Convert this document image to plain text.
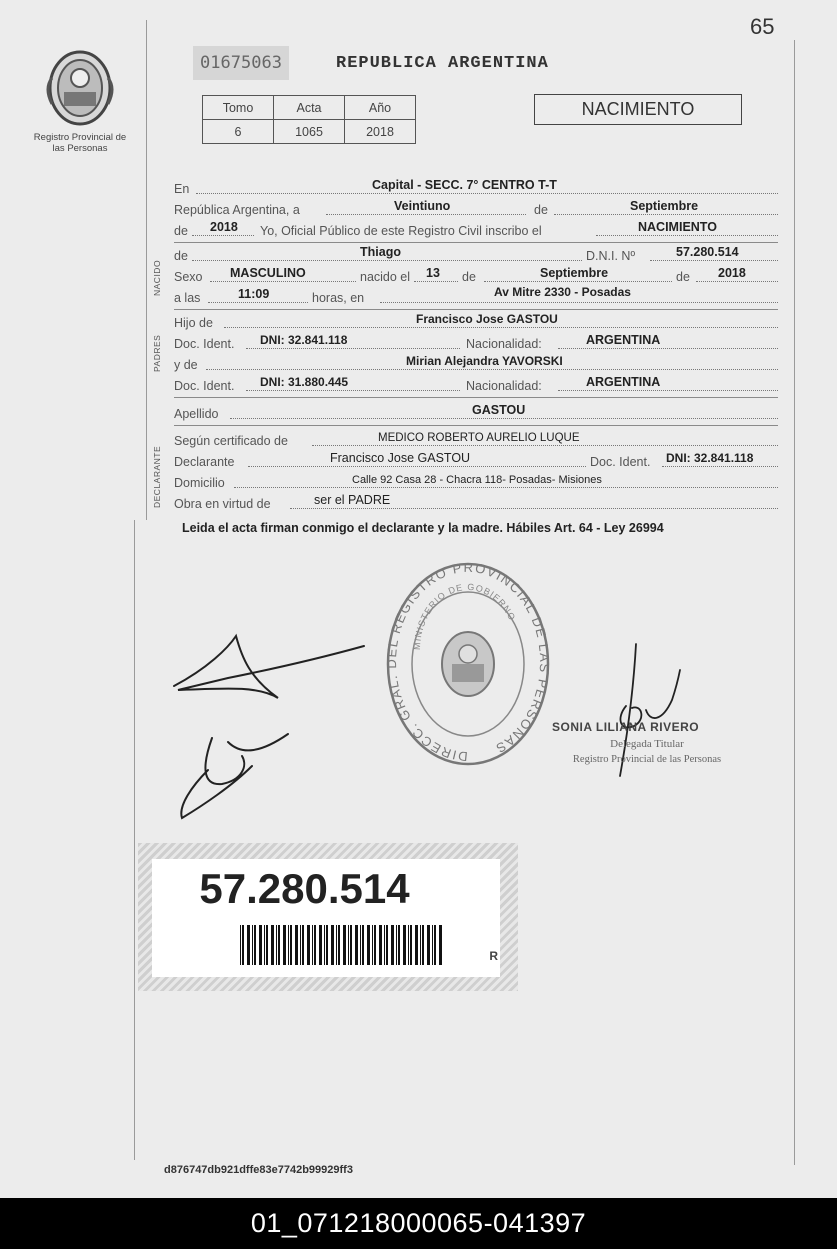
65
Registro Provincial de las Personas
01675063	REPUBLICA ARGENTINA
Tomo	Acta	Año
6	1065	2018
NACIMIENTO
En	Capital - SECC. 7° CENTRO T-T
República Argentina, a	Veintiuno	de	Septiembre
de 2018 Yo, Oficial Público de este Registro Civil inscribo el	NACIMIENTO
NACIDO
de	Thiago	D.N.I. Nº	57.280.514
Sexo MASCULINO	nacido el 13 de	Septiembre	de 2018
a las	11:09	horas, en	Av Mitre 2330 - Posadas
PADRES
Hijo de	Francisco Jose GASTOU
Doc. Ident. DNI: 32.841.118	Nacionalidad:	ARGENTINA
y de	Mirian Alejandra YAVORSKI
Doc. Ident. DNI: 31.880.445	Nacionalidad:	ARGENTINA
Apellido	GASTOU
DECLARANTE
Según certificado de	MEDICO ROBERTO AURELIO LUQUE
Declarante	Francisco Jose GASTOU	Doc. Ident. DNI: 32.841.118
Domicilio	Calle 92 Casa 28 - Chacra 118- Posadas- Misiones
Obra en virtud de	ser el PADRE
Leida el acta firman conmigo el declarante y la madre. Hábiles Art. 64 - Ley 26994
DIRECC. GRAL. DEL REGISTRO PROVINCIAL DE LAS PERSONAS
MINISTERIO DE GOBIERNO
SONIA LILIANA RIVERO
Delegada Titular
Registro Provincial de las Personas
57.280.514
R
d876747db921dffe83e7742b99929ff3
01_071218000065-041397
